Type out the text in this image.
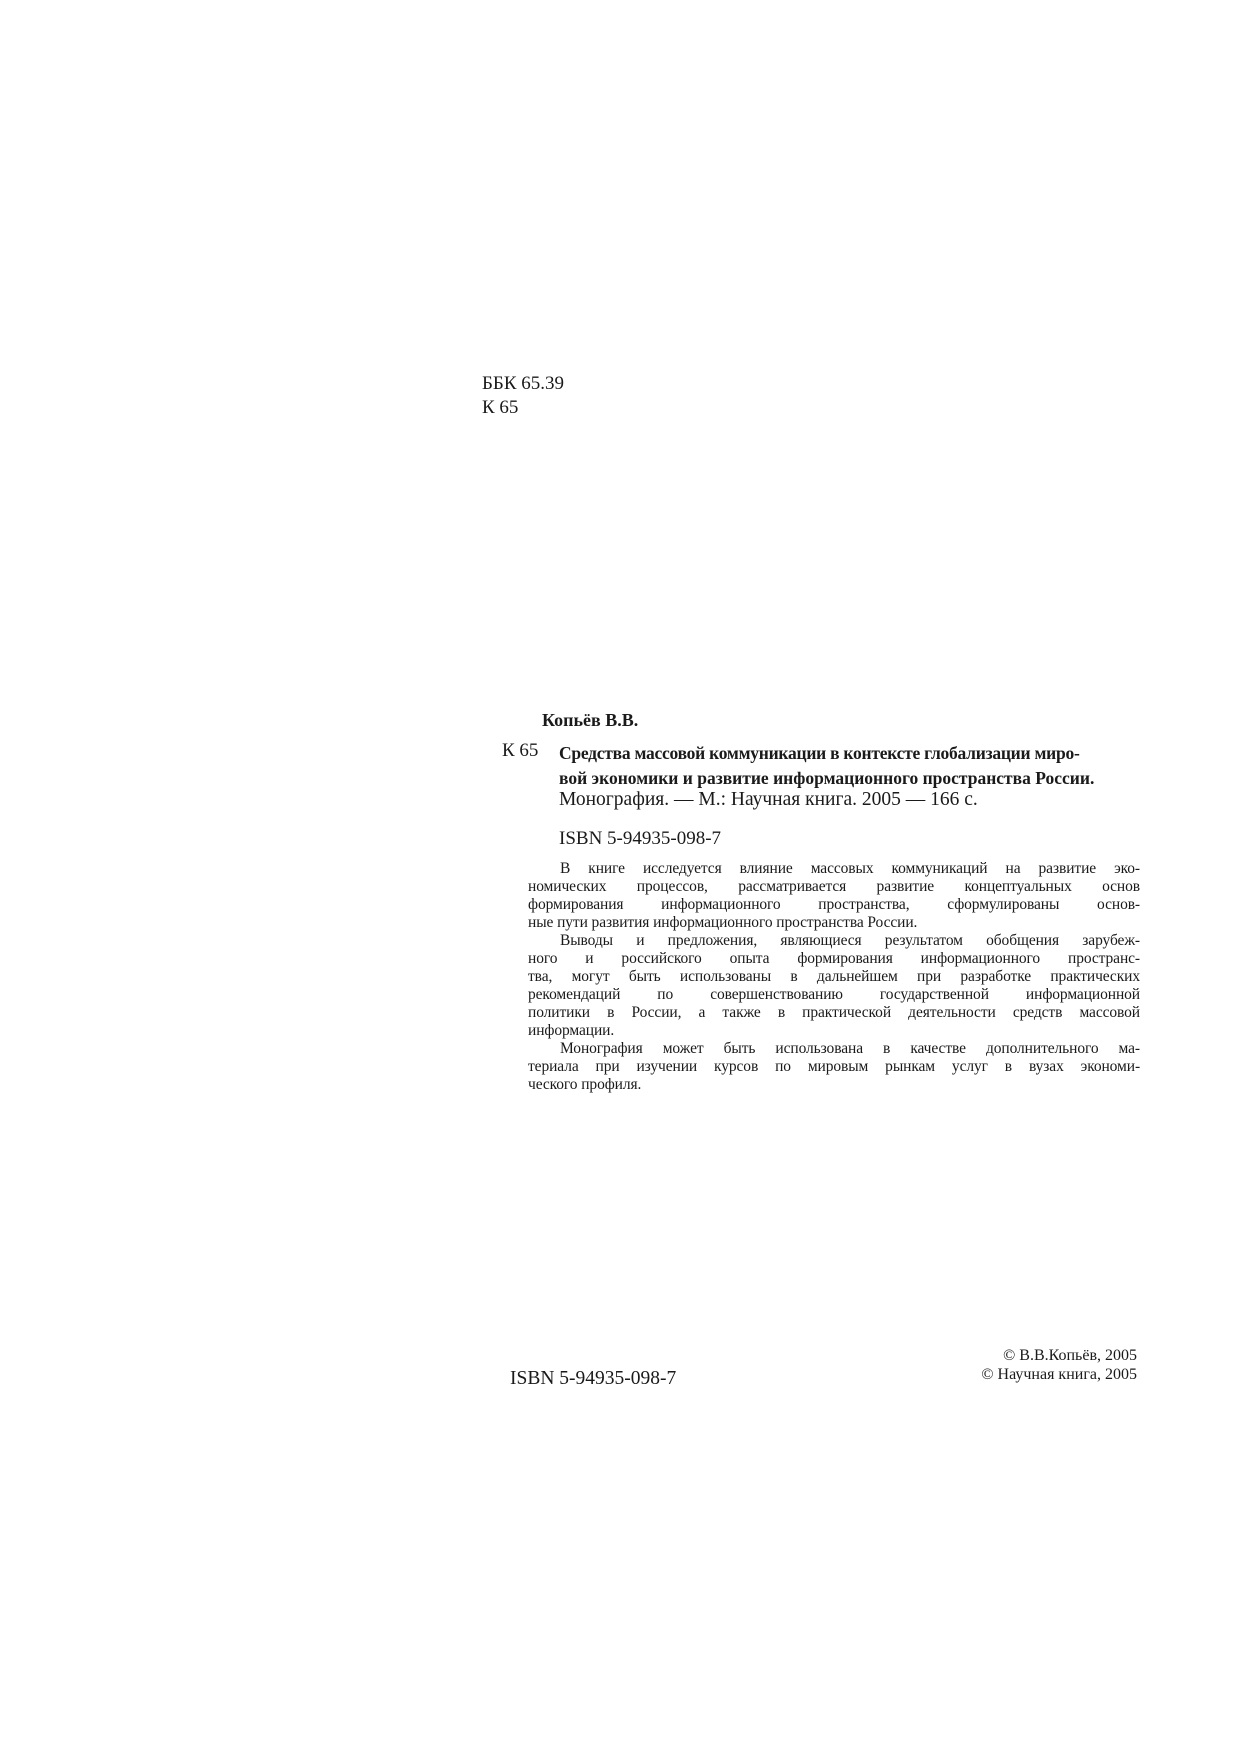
ББК 65.39
К 65
Копьёв В.В.
К 65 Средства массовой коммуникации в контексте глобализации миро-
вой экономики и развитие информационного пространства России.
Монография. — М.: Научная книга. 2005 — 166 с.
ISBN 5-94935-098-7
В книге исследуется влияние массовых коммуникаций на развитие эко-
номических процессов, рассматривается развитие концептуальных основ
формирования информационного пространства, сформулированы основ-
ные пути развития информационного пространства России.
Выводы и предложения, являющиеся результатом обобщения зарубеж-
ного и российского опыта формирования информационного пространс-
тва, могут быть использованы в дальнейшем при разработке практических
рекомендаций по совершенствованию государственной информационной
политики в России, а также в практической деятельности средств массовой
информации.
Монография может быть использована в качестве дополнительного ма-
териала при изучении курсов по мировым рынкам услуг в вузах экономи-
ческого профиля.
ISBN 5-94935-098-7
© В.В.Копьёв, 2005
© Научная книга, 2005
